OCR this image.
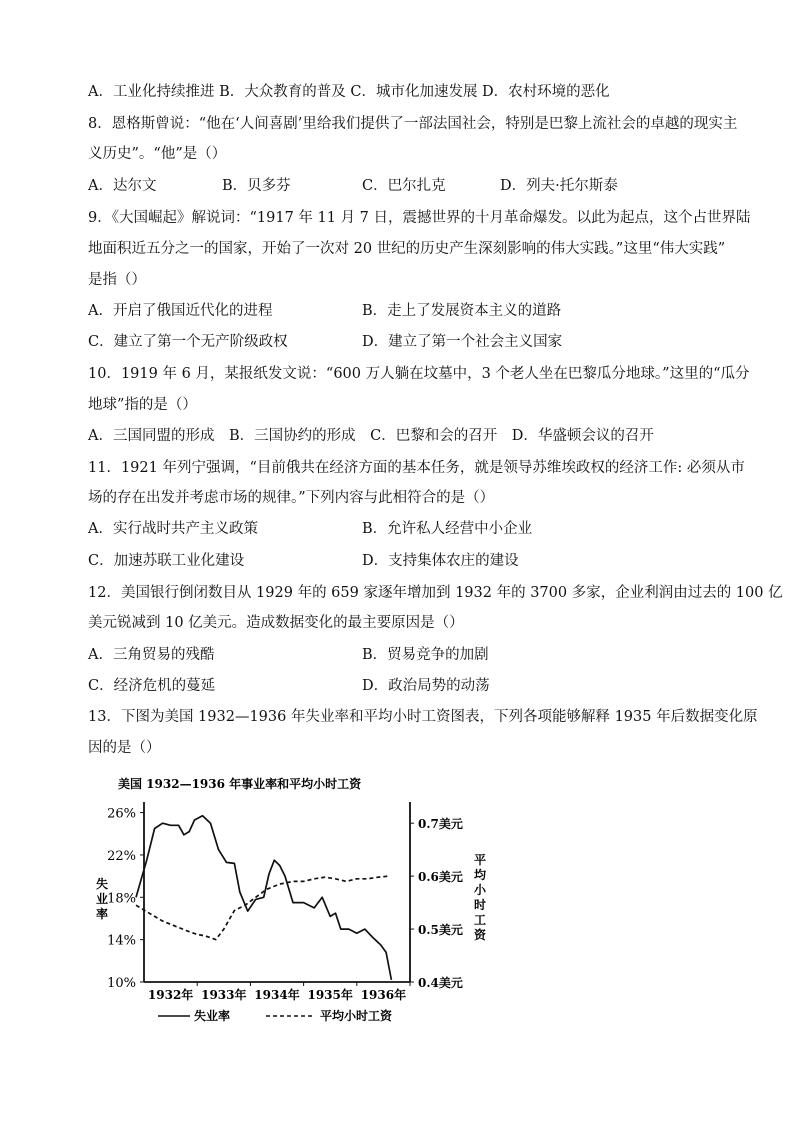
A．工业化持续推进 B．大众教育的普及 C．城市化加速发展 D．农村环境的恶化
8．恩格斯曾说：“他在‘人间喜剧’里给我们提供了一部法国社会，特别是巴黎上流社会的卓越的现实主
义历史”。“他”是（）
A．达尔文	B．贝多芬	C．巴尔扎克	D．列夫·托尔斯泰
9．《大国崛起》解说词：“1917 年 11 月 7 日，震撼世界的十月革命爆发。以此为起点，这个占世界陆
地面积近五分之一的国家，开始了一次对 20 世纪的历史产生深刻影响的伟大实践。”这里“伟大实践”
是指（）
A．开启了俄国近代化的进程	B．走上了发展资本主义的道路
C．建立了第一个无产阶级政权	D．建立了第一个社会主义国家
10．1919 年 6 月，某报纸发文说：“600 万人躺在坟墓中，3 个老人坐在巴黎瓜分地球。”这里的“瓜分
地球”指的是（）
A．三国同盟的形成　B．三国协约的形成　C．巴黎和会的召开　D．华盛顿会议的召开
11．1921 年列宁强调，“目前俄共在经济方面的基本任务，就是领导苏维埃政权的经济工作: 必须从市
场的存在出发并考虑市场的规律。”下列内容与此相符合的是（）
A．实行战时共产主义政策	B．允许私人经营中小企业
C．加速苏联工业化建设	D．支持集体农庄的建设
12．美国银行倒闭数目从 1929 年的 659 家逐年增加到 1932 年的 3700 多家，企业利润由过去的 100 亿
美元锐减到 10 亿美元。造成数据变化的最主要原因是（）
A．三角贸易的残酷	B．贸易竞争的加剧
C．经济危机的蔓延	D．政治局势的动荡
13．下图为美国 1932—1936 年失业率和平均小时工资图表，下列各项能够解释 1935 年后数据变化原
因的是（）
美国 1932—1936 年事业率和平均小时工资
失业率
平均小时工资
26%
22%
18%
14%
10%
0.7美元
0.6美元
0.5美元
0.4美元
1932年 1933年 1934年 1935年 1936年
失业率	平均小时工资
